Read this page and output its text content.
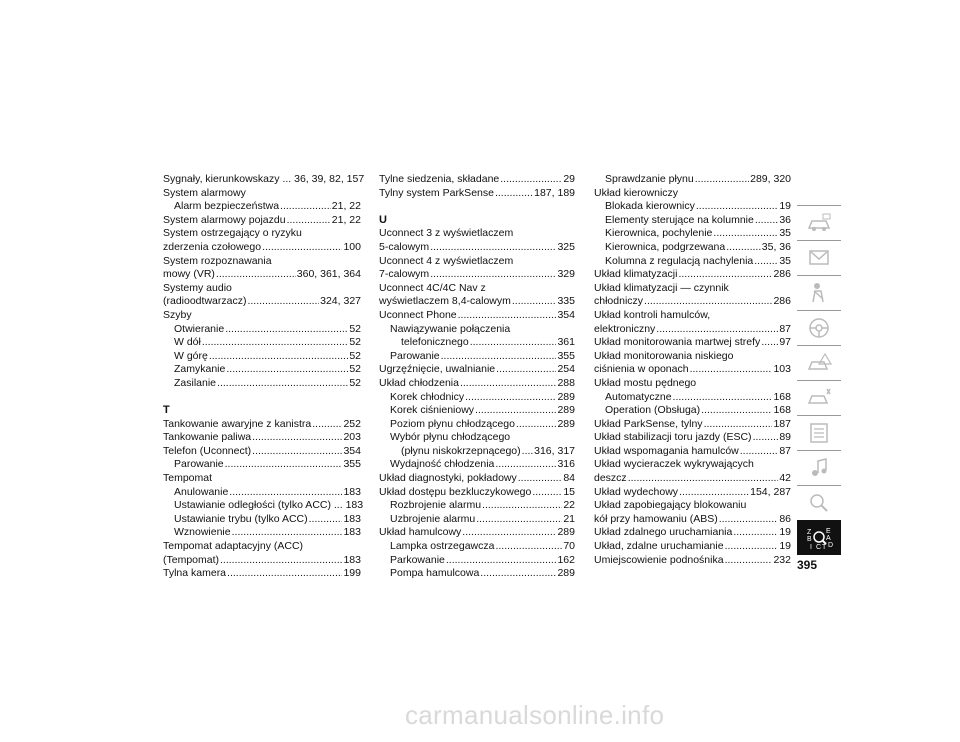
Sygnały, kierunkowskazy ... 36, 39, 82, 157
System alarmowy
Alarm bezpieczeństwa .....	21, 22
System alarmowy pojazdu .....	21, 22
System ostrzegający o ryzyku
zderzenia czołowego .....	100
System rozpoznawania
mowy (VR) .....	360, 361, 364
Systemy audio
(radioodtwarzacz) .....	324, 327
Szyby
Otwieranie .....	52
W dół .....	52
W górę .....	52
Zamykanie .....	52
Zasilanie .....	52
T
Tankowanie awaryjne z kanistra .....	252
Tankowanie paliwa .....	203
Telefon (Uconnect) .....	354
Parowanie .....	355
Tempomat
Anulowanie .....	183
Ustawianie odległości (tylko ACC) ... 183
Ustawianie trybu (tylko ACC) .....	183
Wznowienie .....	183
Tempomat adaptacyjny (ACC)
(Tempomat) .....	183
Tylna kamera .....	199
Tylne siedzenia, składane .....	29
Tylny system ParkSense .....	187, 189
U
Uconnect 3 z wyświetlaczem
5-calowym .....	325
Uconnect 4 z wyświetlaczem
7-calowym .....	329
Uconnect 4C/4C Nav z
wyświetlaczem 8,4-calowym .....	335
Uconnect Phone .....	354
Nawiązywanie połączenia
telefonicznego .....	361
Parowanie .....	355
Ugrzęźnięcie, uwalnianie .....	254
Układ chłodzenia .....	288
Korek chłodnicy .....	289
Korek ciśnieniowy .....	289
Poziom płynu chłodzącego .....	289
Wybór płynu chłodzącego
(płynu niskokrzepnącego) ..... 316, 317
Wydajność chłodzenia .....	316
Układ diagnostyki, pokładowy .....	84
Układ dostępu bezkluczykowego .....	15
Rozbrojenie alarmu .....	22
Uzbrojenie alarmu .....	21
Układ hamulcowy .....	289
Lampka ostrzegawcza .....	70
Parkowanie .....	162
Pompa hamulcowa .....	289
Sprawdzanie płynu .....	289, 320
Układ kierowniczy
Blokada kierownicy .....	19
Elementy sterujące na kolumnie ..... 36
Kierownica, pochylenie .....	35
Kierownica, podgrzewana .....	35, 36
Kolumna z regulacją nachylenia ..... 35
Układ klimatyzacji .....	286
Układ klimatyzacji — czynnik
chłodniczy .....	286
Układ kontroli hamulców,
elektroniczny .....	87
Układ monitorowania martwej strefy ..... 97
Układ monitorowania niskiego
ciśnienia w oponach .....	103
Układ mostu pędnego
Automatyczne .....	168
Operation (Obsługa) .....	168
Układ ParkSense, tylny .....	187
Układ stabilizacji toru jazdy (ESC) .....	89
Układ wspomagania hamulców .....	87
Układ wycieraczek wykrywających
deszcz .....	42
Układ wydechowy .....	154, 287
Układ zapobiegający blokowaniu
kół przy hamowaniu (ABS) .....	86
Układ zdalnego uruchamiania .....	19
Układ, zdalne uruchamianie .....	19
Umiejscowienie podnośnika .....	232
Z E
B A
I C T D
395
carmanualsonline.info
